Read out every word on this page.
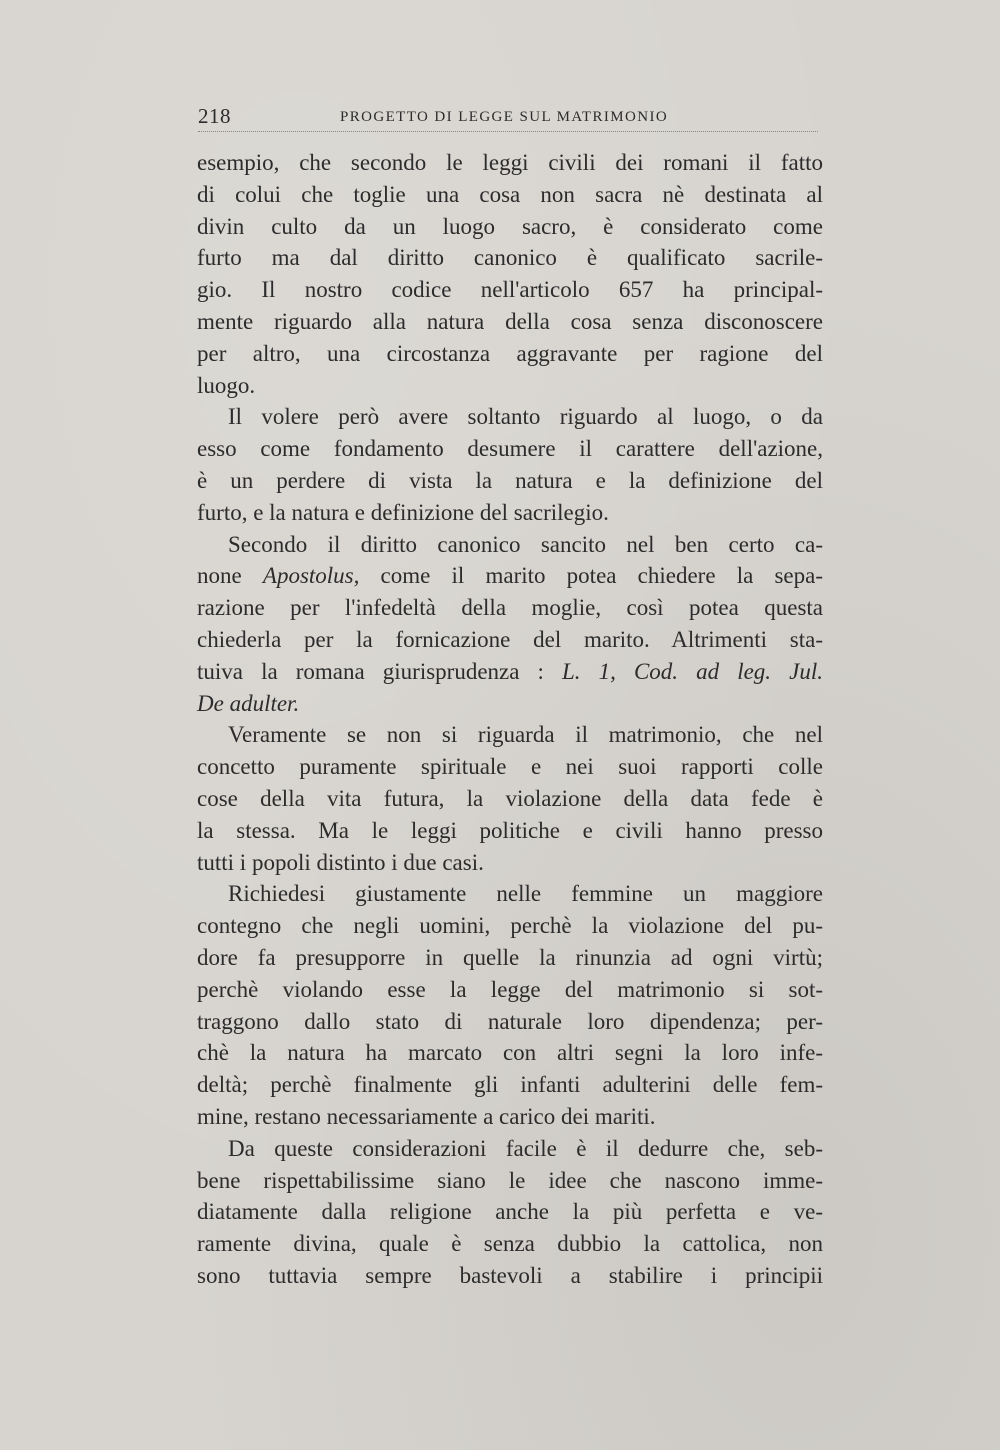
218	PROGETTO DI LEGGE SUL MATRIMONIO
esempio, che secondo le leggi civili dei romani il fatto
di colui che toglie una cosa non sacra nè destinata al
divin culto da un luogo sacro, è considerato come
furto ma dal diritto canonico è qualificato sacrile-
gio. Il nostro codice nell'articolo 657 ha principal-
mente riguardo alla natura della cosa senza disconoscere
per altro, una circostanza aggravante per ragione del
luogo.
Il volere però avere soltanto riguardo al luogo, o da
esso come fondamento desumere il carattere dell'azione,
è un perdere di vista la natura e la definizione del
furto, e la natura e definizione del sacrilegio.
Secondo il diritto canonico sancito nel ben certo ca-
none Apostolus, come il marito potea chiedere la sepa-
razione per l'infedeltà della moglie, così potea questa
chiederla per la fornicazione del marito. Altrimenti sta-
tuiva la romana giurisprudenza : L. 1, Cod. ad leg. Jul.
De adulter.
Veramente se non si riguarda il matrimonio, che nel
concetto puramente spirituale e nei suoi rapporti colle
cose della vita futura, la violazione della data fede è
la stessa. Ma le leggi politiche e civili hanno presso
tutti i popoli distinto i due casi.
Richiedesi giustamente nelle femmine un maggiore
contegno che negli uomini, perchè la violazione del pu-
dore fa presupporre in quelle la rinunzia ad ogni virtù;
perchè violando esse la legge del matrimonio si sot-
traggono dallo stato di naturale loro dipendenza; per-
chè la natura ha marcato con altri segni la loro infe-
deltà; perchè finalmente gli infanti adulterini delle fem-
mine, restano necessariamente a carico dei mariti.
Da queste considerazioni facile è il dedurre che, seb-
bene rispettabilissime siano le idee che nascono imme-
diatamente dalla religione anche la più perfetta e ve-
ramente divina, quale è senza dubbio la cattolica, non
sono tuttavia sempre bastevoli a stabilire i principii
